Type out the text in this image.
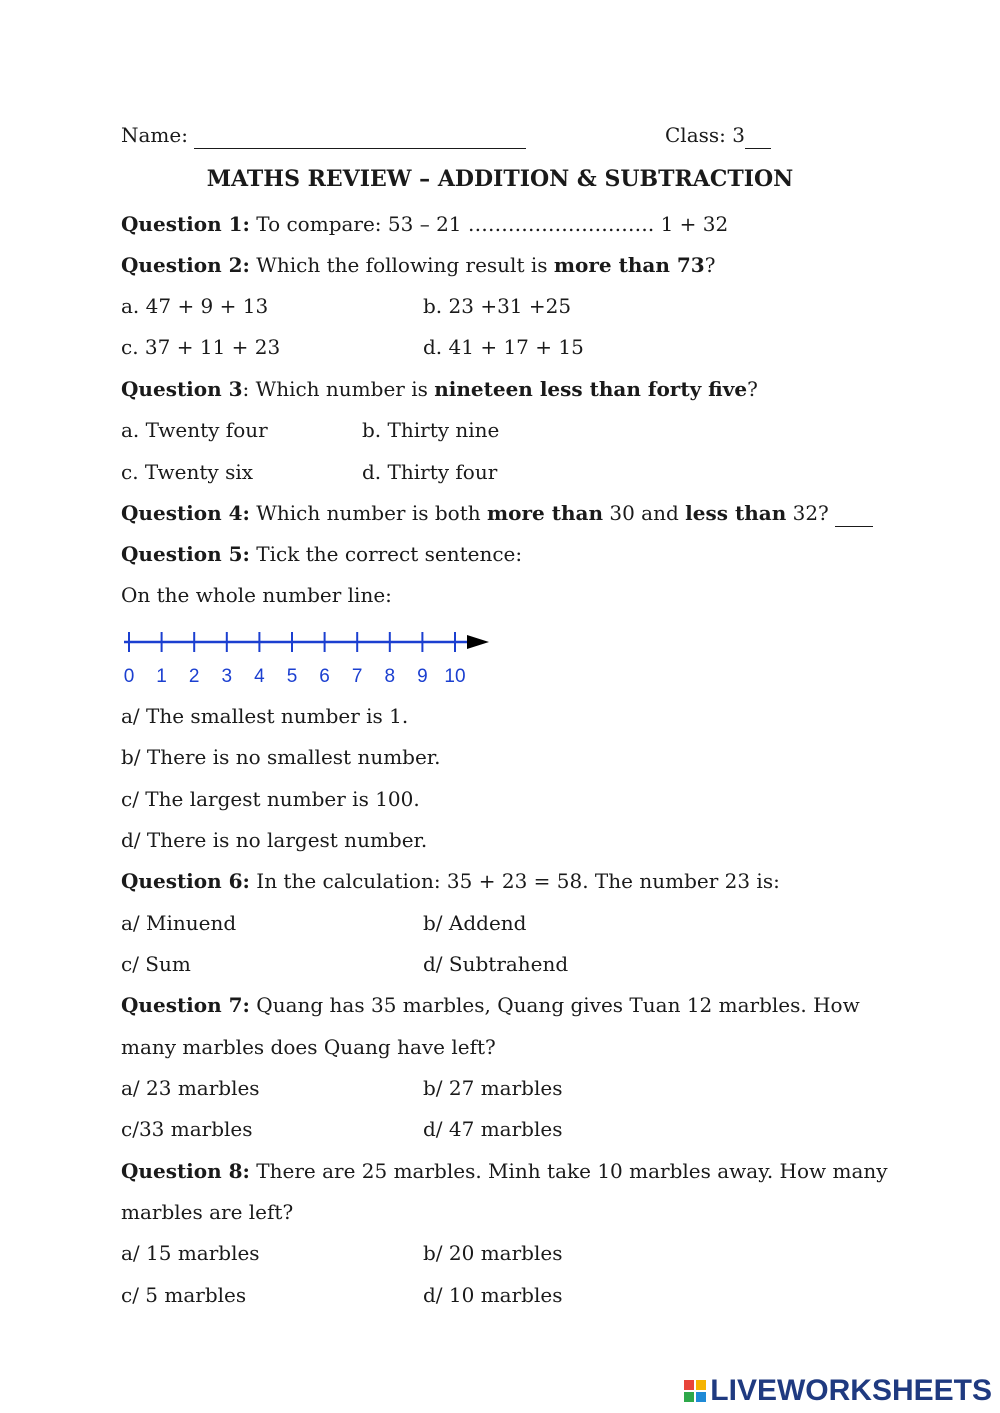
Name:	Class: 3
MATHS REVIEW – ADDITION & SUBTRACTION
Question 1: To compare: 53 – 21 ………………………. 1 + 32
Question 2: Which the following result is more than 73?
a. 47 + 9 + 13	b. 23 +31 +25
c. 37 + 11 + 23	d. 41 + 17 + 15
Question 3: Which number is nineteen less than forty five?
a. Twenty four	b. Thirty nine
c. Twenty six	d. Thirty four
Question 4: Which number is both more than 30 and less than 32?
Question 5: Tick the correct sentence:
On the whole number line:
0 1 2 3 4 5 6 7 8 9 10
a/ The smallest number is 1.
b/ There is no smallest number.
c/ The largest number is 100.
d/ There is no largest number.
Question 6: In the calculation: 35 + 23 = 58. The number 23 is:
a/ Minuend	b/ Addend
c/ Sum	d/ Subtrahend
Question 7: Quang has 35 marbles, Quang gives Tuan 12 marbles. How
many marbles does Quang have left?
a/ 23 marbles	b/ 27 marbles
c/33 marbles	d/ 47 marbles
Question 8: There are 25 marbles. Minh take 10 marbles away. How many
marbles are left?
a/ 15 marbles	b/ 20 marbles
c/ 5 marbles	d/ 10 marbles
LIVEWORKSHEETS
